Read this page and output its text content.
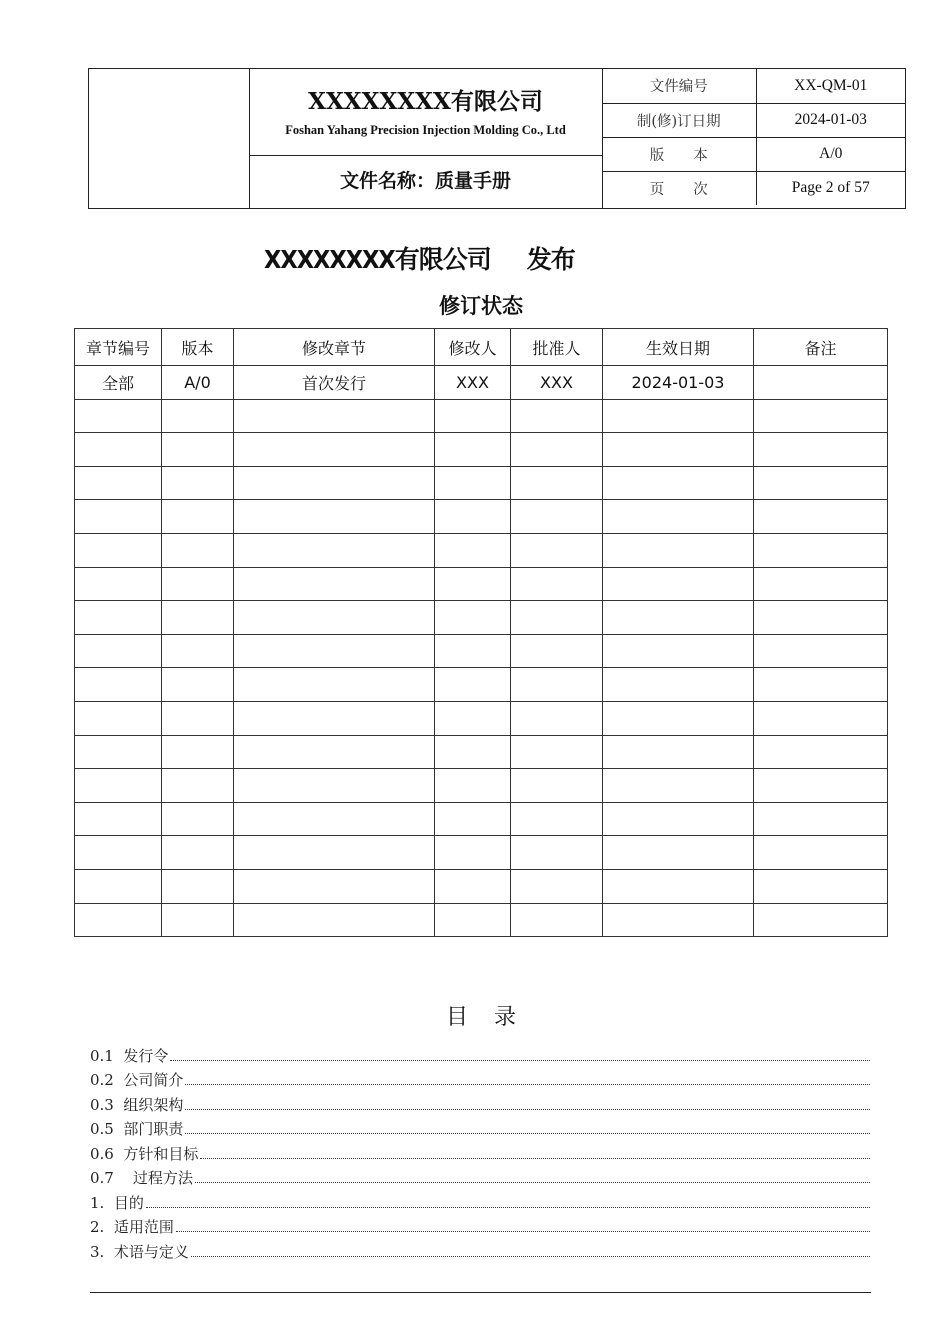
XXXXXXXX有限公司
Foshan Yahang Precision Injection Molding Co., Ltd
文件名称：质量手册
文件编号	XX-QM-01
制(修)订日期	2024-01-03
版　　本	A/0
页　　次	Page 2 of 57
XXXXXXXX有限公司 发布
修订状态
章节编号	版本	修改章节	修改人	批准人	生效日期	备注
全部	A/0	首次发行	XXX	XXX	2024-01-03	

目 录
0.1  发行令
0.2  公司简介
0.3  组织架构
0.5  部门职责
0.6  方针和目标
0.7    过程方法
1.  目的
2.  适用范围
3.  术语与定义
